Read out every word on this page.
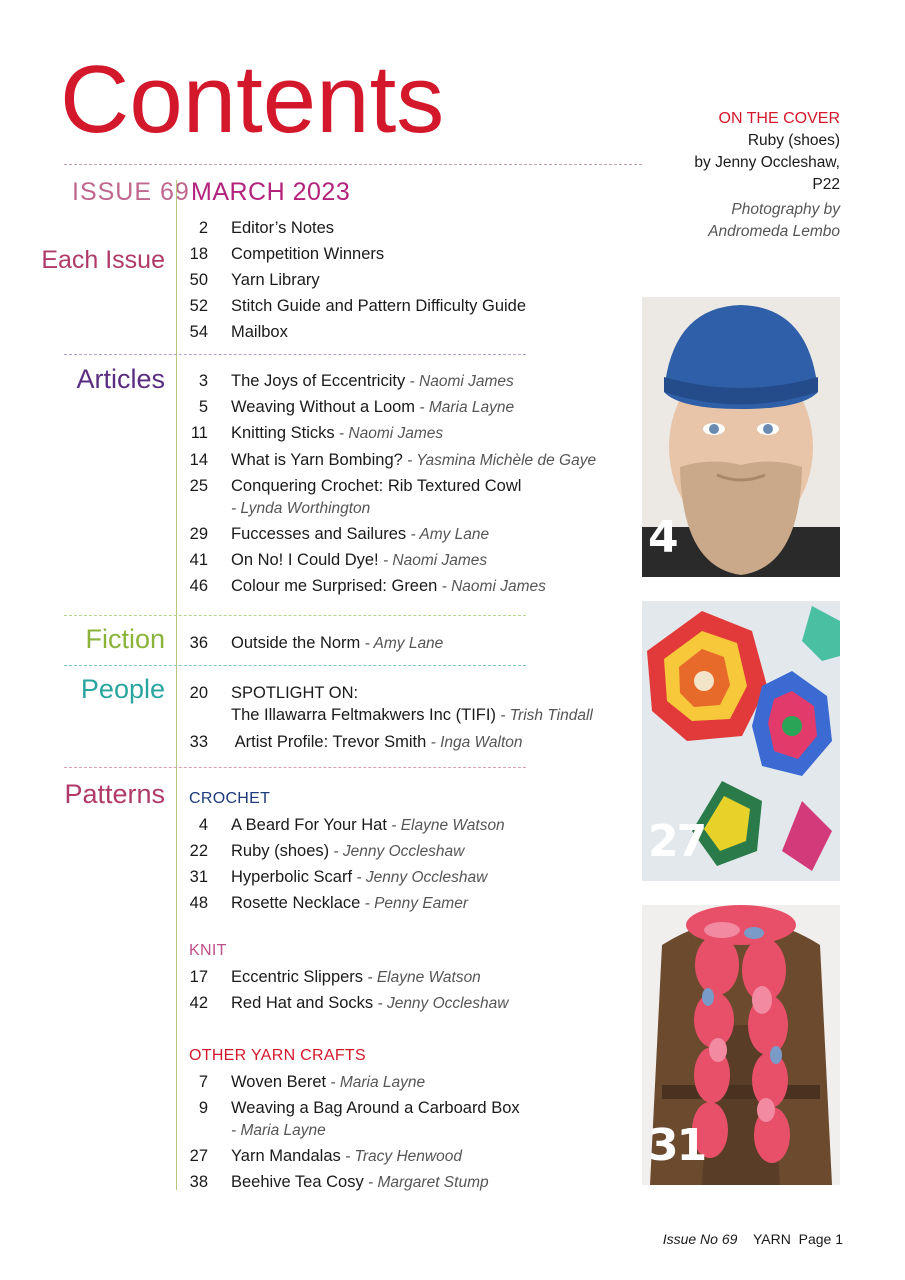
Contents
ISSUE 69 MARCH 2023
ON THE COVER
Ruby (shoes)
by Jenny Occleshaw,
P22
Photography by
Andromeda Lembo
Each Issue
Articles
Fiction
People
Patterns
2 Editor’s Notes
18 Competition Winners
50 Yarn Library
52 Stitch Guide and Pattern Difficulty Guide
54 Mailbox
3 The Joys of Eccentricity - Naomi James
5 Weaving Without a Loom - Maria Layne
11 Knitting Sticks - Naomi James
14 What is Yarn Bombing? - Yasmina Michèle de Gaye
25 Conquering Crochet: Rib Textured Cowl
- Lynda Worthington
29 Fuccesses and Sailures - Amy Lane
41 On No! I Could Dye! - Naomi James
46 Colour me Surprised: Green - Naomi James
36 Outside the Norm - Amy Lane
20 SPOTLIGHT ON:
The Illawarra Feltmakwers Inc (TIFI) - Trish Tindall
33 Artist Profile: Trevor Smith - Inga Walton
CROCHET
4 A Beard For Your Hat - Elayne Watson
22 Ruby (shoes) - Jenny Occleshaw
31 Hyperbolic Scarf - Jenny Occleshaw
48 Rosette Necklace - Penny Eamer
KNIT
17 Eccentric Slippers - Elayne Watson
42 Red Hat and Socks - Jenny Occleshaw
OTHER YARN CRAFTS
7 Woven Beret - Maria Layne
9 Weaving a Bag Around a Carboard Box
- Maria Layne
27 Yarn Mandalas - Tracy Henwood
38 Beehive Tea Cosy - Margaret Stump
4
27
31
Issue No 69 YARN Page 1
